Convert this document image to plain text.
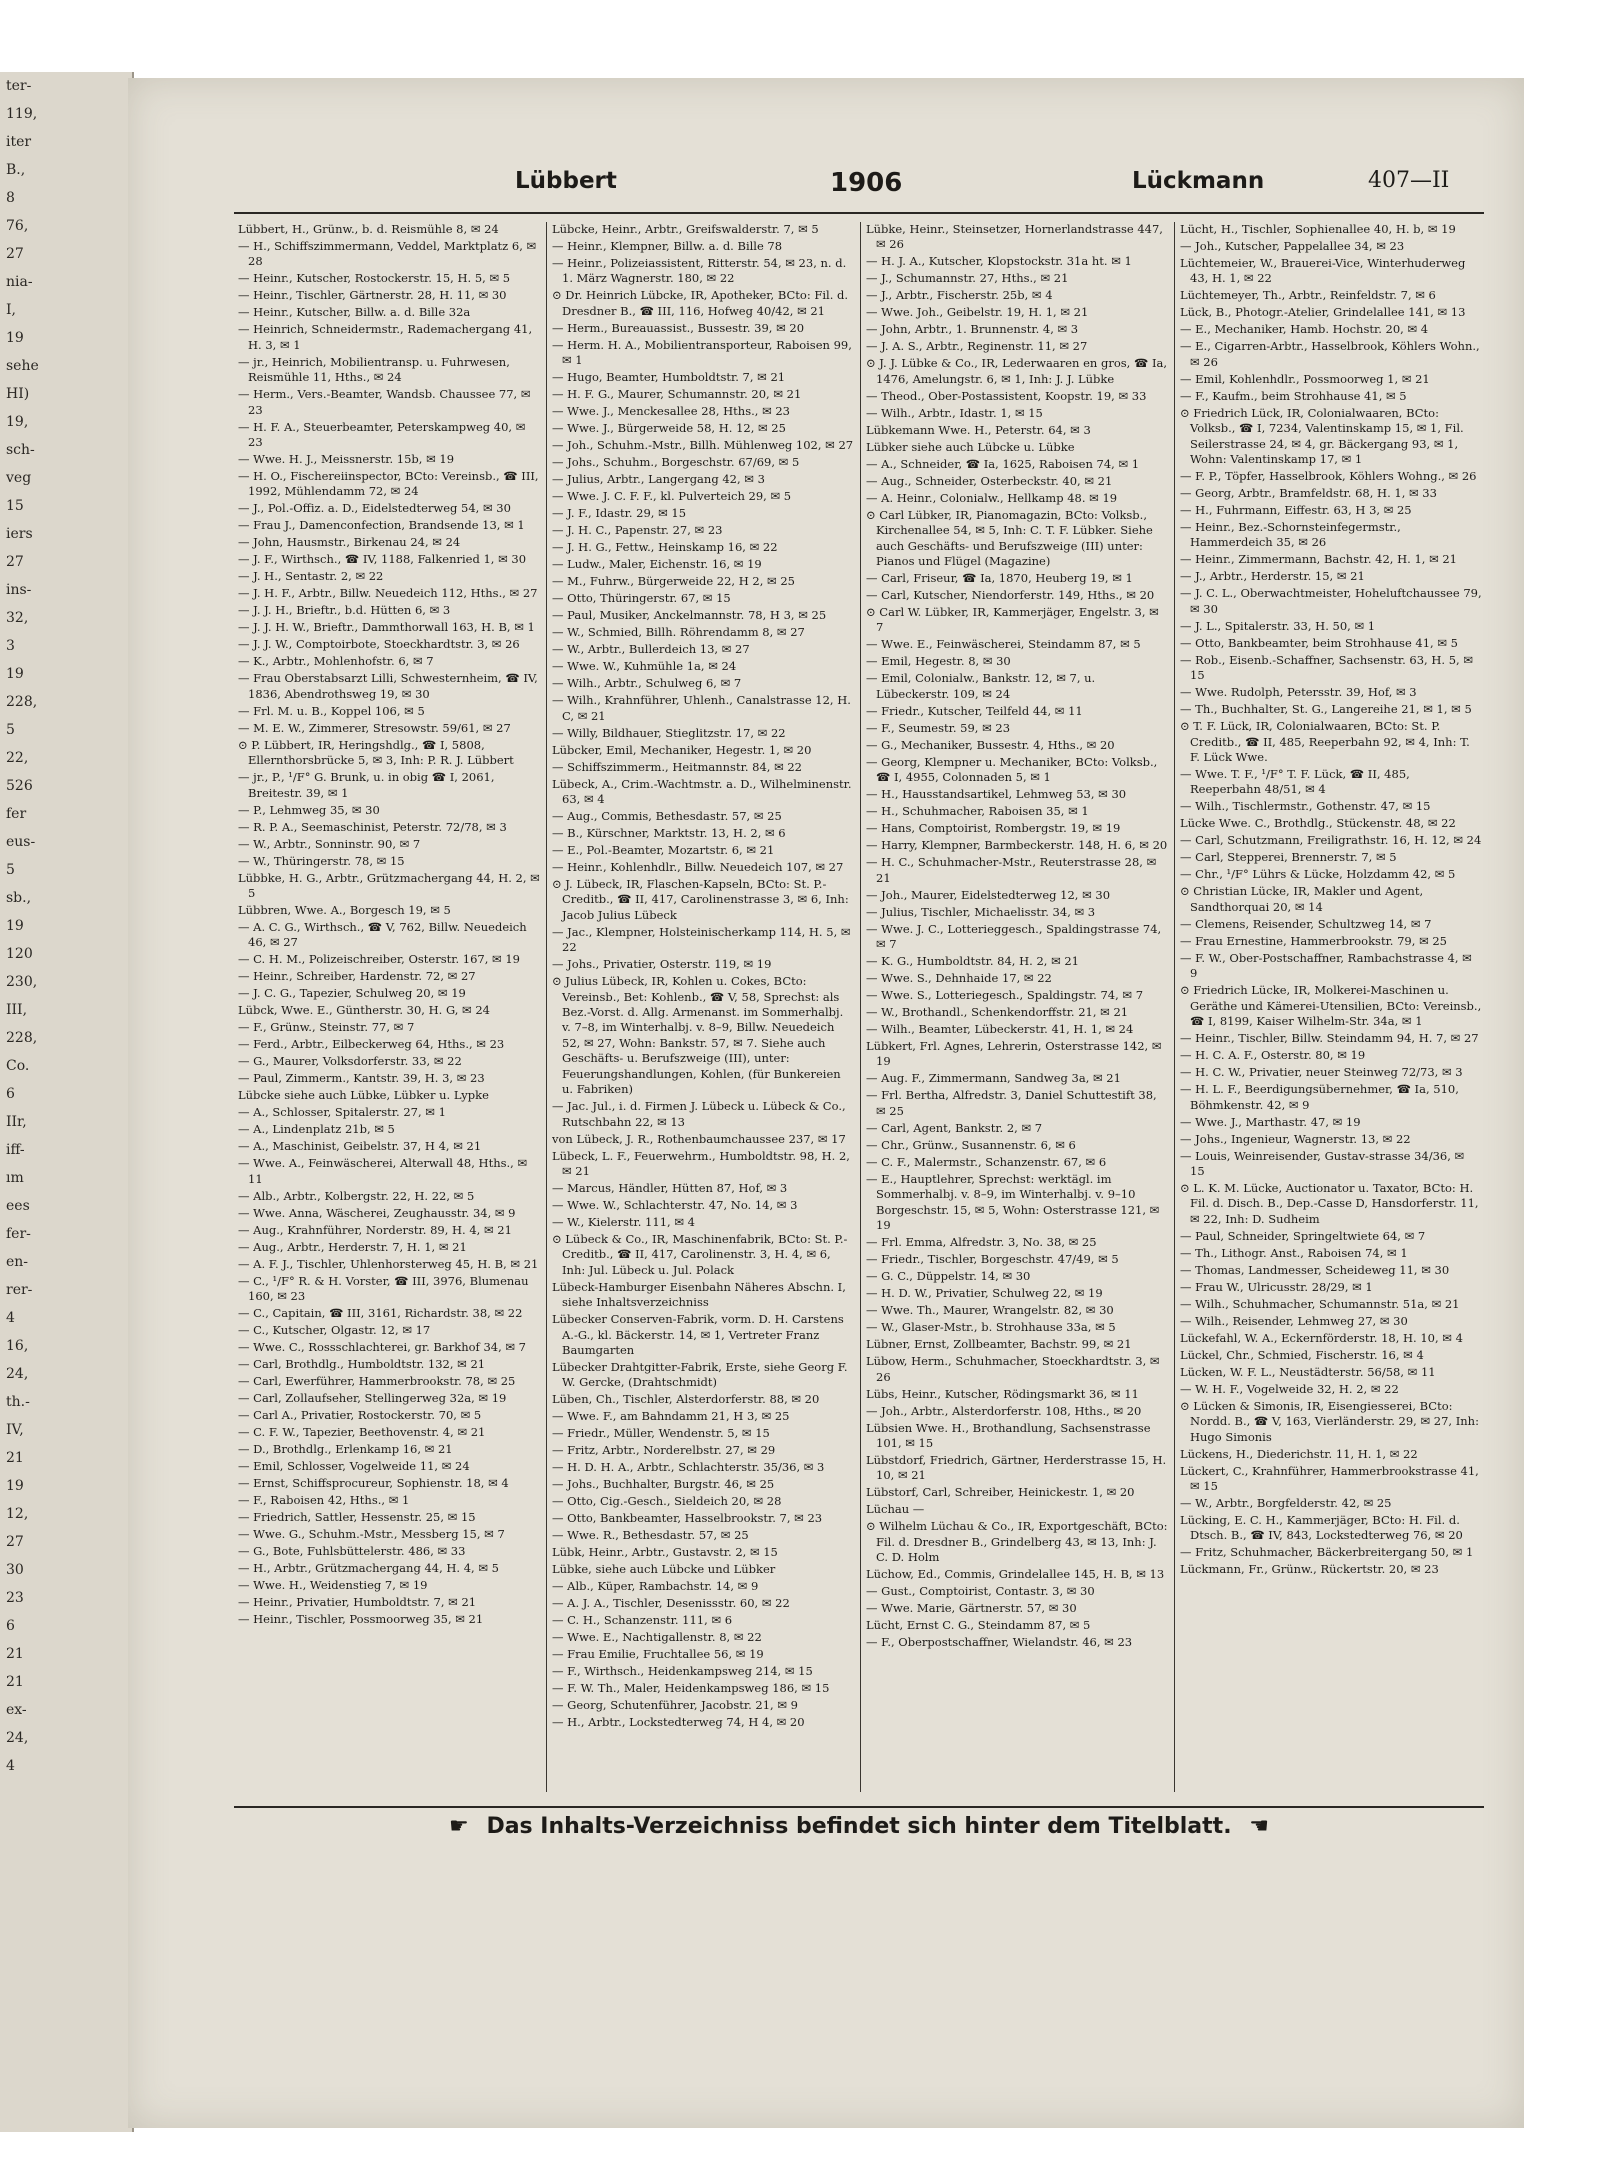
ter-
119,
iter
B.,
8
76,
27
nia-
I,
19
sehe
HI)
19,
sch-
veg
15
iers
27
ins-
32,
3
19
228,
5
22,
526
fer
eus-
5
sb.,
19
120
230,
III,
228,
Co.
6
IIr,
iff-
ım
ees
fer-
en-
rer-
4
16,
24,
th.-
IV,
21
19
12,
27
30
23
6
21
21
ex-
24,
4
Lübbert	1906	Lückmann	407—II
Lübbert, H., Grünw., b. d. Reismühle 8, ✉ 24
— H., Schiffszimmermann, Veddel, Marktplatz 6, ✉ 28
— Heinr., Kutscher, Rostockerstr. 15, H. 5, ✉ 5
— Heinr., Tischler, Gärtnerstr. 28, H. 11, ✉ 30
— Heinr., Kutscher, Billw. a. d. Bille 32a
— Heinrich, Schneidermstr., Rademachergang 41, H. 3, ✉ 1
— jr., Heinrich, Mobilientransp. u. Fuhrwesen, Reismühle 11, Hths., ✉ 24
— Herm., Vers.-Beamter, Wandsb. Chaussee 77, ✉ 23
— H. F. A., Steuerbeamter, Peterskampweg 40, ✉ 23
— Wwe. H. J., Meissnerstr. 15b, ✉ 19
— H. O., Fischereiinspector, BCto: Vereinsb., ☎ III, 1992, Mühlendamm 72, ✉ 24
— J., Pol.-Offiz. a. D., Eidelstedterweg 54, ✉ 30
— Frau J., Damenconfection, Brandsende 13, ✉ 1
— John, Hausmstr., Birkenau 24, ✉ 24
— J. F., Wirthsch., ☎ IV, 1188, Falkenried 1, ✉ 30
— J. H., Sentastr. 2, ✉ 22
— J. H. F., Arbtr., Billw. Neuedeich 112, Hths., ✉ 27
— J. J. H., Brieftr., b.d. Hütten 6, ✉ 3
— J. J. H. W., Brieftr., Dammthorwall 163, H. B, ✉ 1
— J. J. W., Comptoirbote, Stoeckhardtstr. 3, ✉ 26
— K., Arbtr., Mohlenhofstr. 6, ✉ 7
— Frau Oberstabsarzt Lilli, Schwesternheim, ☎ IV, 1836, Abendrothsweg 19, ✉ 30
— Frl. M. u. B., Koppel 106, ✉ 5
— M. E. W., Zimmerer, Stresowstr. 59/61, ✉ 27
⊙ P. Lübbert, IR, Heringshdlg., ☎ I, 5808, Ellernthorsbrücke 5, ✉ 3, Inh: P. R. J. Lübbert
— jr., P., ¹/F° G. Brunk, u. in obig ☎ I, 2061, Breitestr. 39, ✉ 1
— P., Lehmweg 35, ✉ 30
— R. P. A., Seemaschinist, Peterstr. 72/78, ✉ 3
— W., Arbtr., Sonninstr. 90, ✉ 7
— W., Thüringerstr. 78, ✉ 15
Lübbke, H. G., Arbtr., Grützmachergang 44, H. 2, ✉ 5
Lübbren, Wwe. A., Borgesch 19, ✉ 5
— A. C. G., Wirthsch., ☎ V, 762, Billw. Neuedeich 46, ✉ 27
— C. H. M., Polizeischreiber, Osterstr. 167, ✉ 19
— Heinr., Schreiber, Hardenstr. 72, ✉ 27
— J. C. G., Tapezier, Schulweg 20, ✉ 19
Lübck, Wwe. E., Güntherstr. 30, H. G, ✉ 24
— F., Grünw., Steinstr. 77, ✉ 7
— Ferd., Arbtr., Eilbeckerweg 64, Hths., ✉ 23
— G., Maurer, Volksdorferstr. 33, ✉ 22
— Paul, Zimmerm., Kantstr. 39, H. 3, ✉ 23
Lübcke siehe auch Lübke, Lübker u. Lypke
— A., Schlosser, Spitalerstr. 27, ✉ 1
— A., Lindenplatz 21b, ✉ 5
— A., Maschinist, Geibelstr. 37, H 4, ✉ 21
— Wwe. A., Feinwäscherei, Alterwall 48, Hths., ✉ 11
— Alb., Arbtr., Kolbergstr. 22, H. 22, ✉ 5
— Wwe. Anna, Wäscherei, Zeughausstr. 34, ✉ 9
— Aug., Krahnführer, Norderstr. 89, H. 4, ✉ 21
— Aug., Arbtr., Herderstr. 7, H. 1, ✉ 21
— A. F. J., Tischler, Uhlenhorsterweg 45, H. B, ✉ 21
— C., ¹/F° R. & H. Vorster, ☎ III, 3976, Blumenau 160, ✉ 23
— C., Capitain, ☎ III, 3161, Richardstr. 38, ✉ 22
— C., Kutscher, Olgastr. 12, ✉ 17
— Wwe. C., Rossschlachterei, gr. Barkhof 34, ✉ 7
— Carl, Brothdlg., Humboldtstr. 132, ✉ 21
— Carl, Ewerführer, Hammerbrookstr. 78, ✉ 25
— Carl, Zollaufseher, Stellingerweg 32a, ✉ 19
— Carl A., Privatier, Rostockerstr. 70, ✉ 5
— C. F. W., Tapezier, Beethovenstr. 4, ✉ 21
— D., Brothdlg., Erlenkamp 16, ✉ 21
— Emil, Schlosser, Vogelweide 11, ✉ 24
— Ernst, Schiffsprocureur, Sophienstr. 18, ✉ 4
— F., Raboisen 42, Hths., ✉ 1
— Friedrich, Sattler, Hessenstr. 25, ✉ 15
— Wwe. G., Schuhm.-Mstr., Messberg 15, ✉ 7
— G., Bote, Fuhlsbüttelerstr. 486, ✉ 33
— H., Arbtr., Grützmachergang 44, H. 4, ✉ 5
— Wwe. H., Weidenstieg 7, ✉ 19
— Heinr., Privatier, Humboldtstr. 7, ✉ 21
— Heinr., Tischler, Possmoorweg 35, ✉ 21
Lübcke, Heinr., Arbtr., Greifswalderstr. 7, ✉ 5
— Heinr., Klempner, Billw. a. d. Bille 78
— Heinr., Polizeiassistent, Ritterstr. 54, ✉ 23, n. d. 1. März Wagnerstr. 180, ✉ 22
⊙ Dr. Heinrich Lübcke, IR, Apotheker, BCto: Fil. d. Dresdner B., ☎ III, 116, Hofweg 40/42, ✉ 21
— Herm., Bureauassist., Bussestr. 39, ✉ 20
— Herm. H. A., Mobilientransporteur, Raboisen 99, ✉ 1
— Hugo, Beamter, Humboldtstr. 7, ✉ 21
— H. F. G., Maurer, Schumannstr. 20, ✉ 21
— Wwe. J., Menckesallee 28, Hths., ✉ 23
— Wwe. J., Bürgerweide 58, H. 12, ✉ 25
— Joh., Schuhm.-Mstr., Billh. Mühlenweg 102, ✉ 27
— Johs., Schuhm., Borgeschstr. 67/69, ✉ 5
— Julius, Arbtr., Langergang 42, ✉ 3
— Wwe. J. C. F. F., kl. Pulverteich 29, ✉ 5
— J. F., Idastr. 29, ✉ 15
— J. H. C., Papenstr. 27, ✉ 23
— J. H. G., Fettw., Heinskamp 16, ✉ 22
— Ludw., Maler, Eichenstr. 16, ✉ 19
— M., Fuhrw., Bürgerweide 22, H 2, ✉ 25
— Otto, Thüringerstr. 67, ✉ 15
— Paul, Musiker, Anckelmannstr. 78, H 3, ✉ 25
— W., Schmied, Billh. Röhrendamm 8, ✉ 27
— W., Arbtr., Bullerdeich 13, ✉ 27
— Wwe. W., Kuhmühle 1a, ✉ 24
— Wilh., Arbtr., Schulweg 6, ✉ 7
— Wilh., Krahnführer, Uhlenh., Canalstrasse 12, H. C, ✉ 21
— Willy, Bildhauer, Stieglitzstr. 17, ✉ 22
Lübcker, Emil, Mechaniker, Hegestr. 1, ✉ 20
— Schiffszimmerm., Heitmannstr. 84, ✉ 22
Lübeck, A., Crim.-Wachtmstr. a. D., Wilhelminenstr. 63, ✉ 4
— Aug., Commis, Bethesdastr. 57, ✉ 25
— B., Kürschner, Marktstr. 13, H. 2, ✉ 6
— E., Pol.-Beamter, Mozartstr. 6, ✉ 21
— Heinr., Kohlenhdlr., Billw. Neuedeich 107, ✉ 27
⊙ J. Lübeck, IR, Flaschen-Kapseln, BCto: St. P.-Creditb., ☎ II, 417, Carolinenstrasse 3, ✉ 6, Inh: Jacob Julius Lübeck
— Jac., Klempner, Holsteinischerkamp 114, H. 5, ✉ 22
— Johs., Privatier, Osterstr. 119, ✉ 19
⊙ Julius Lübeck, IR, Kohlen u. Cokes, BCto: Vereinsb., Bet: Kohlenb., ☎ V, 58, Sprechst: als Bez.-Vorst. d. Allg. Armenanst. im Sommerhalbj. v. 7–8, im Winterhalbj. v. 8–9, Billw. Neuedeich 52, ✉ 27, Wohn: Bankstr. 57, ✉ 7. Siehe auch Geschäfts- u. Berufszweige (III), unter: Feuerungshandlungen, Kohlen, (für Bunkereien u. Fabriken)
— Jac. Jul., i. d. Firmen J. Lübeck u. Lübeck & Co., Rutschbahn 22, ✉ 13
von Lübeck, J. R., Rothenbaumchaussee 237, ✉ 17
Lübeck, L. F., Feuerwehrm., Humboldtstr. 98, H. 2, ✉ 21
— Marcus, Händler, Hütten 87, Hof, ✉ 3
— Wwe. W., Schlachterstr. 47, No. 14, ✉ 3
— W., Kielerstr. 111, ✉ 4
⊙ Lübeck & Co., IR, Maschinenfabrik, BCto: St. P.-Creditb., ☎ II, 417, Carolinenstr. 3, H. 4, ✉ 6, Inh: Jul. Lübeck u. Jul. Polack
Lübeck-Hamburger Eisenbahn Näheres Abschn. I, siehe Inhaltsverzeichniss
Lübecker Conserven-Fabrik, vorm. D. H. Carstens A.-G., kl. Bäckerstr. 14, ✉ 1, Vertreter Franz Baumgarten
Lübecker Drahtgitter-Fabrik, Erste, siehe Georg F. W. Gercke, (Drahtschmidt)
Lüben, Ch., Tischler, Alsterdorferstr. 88, ✉ 20
— Wwe. F., am Bahndamm 21, H 3, ✉ 25
— Friedr., Müller, Wendenstr. 5, ✉ 15
— Fritz, Arbtr., Norderelbstr. 27, ✉ 29
— H. D. H. A., Arbtr., Schlachterstr. 35/36, ✉ 3
— Johs., Buchhalter, Burgstr. 46, ✉ 25
— Otto, Cig.-Gesch., Sieldeich 20, ✉ 28
— Otto, Bankbeamter, Hasselbrookstr. 7, ✉ 23
— Wwe. R., Bethesdastr. 57, ✉ 25
Lübk, Heinr., Arbtr., Gustavstr. 2, ✉ 15
Lübke, siehe auch Lübcke und Lübker
— Alb., Küper, Rambachstr. 14, ✉ 9
— A. J. A., Tischler, Desenissstr. 60, ✉ 22
— C. H., Schanzenstr. 111, ✉ 6
— Wwe. E., Nachtigallenstr. 8, ✉ 22
— Frau Emilie, Fruchtallee 56, ✉ 19
— F., Wirthsch., Heidenkampsweg 214, ✉ 15
— F. W. Th., Maler, Heidenkampsweg 186, ✉ 15
— Georg, Schutenführer, Jacobstr. 21, ✉ 9
— H., Arbtr., Lockstedterweg 74, H 4, ✉ 20
Lübke, Heinr., Steinsetzer, Hornerlandstrasse 447, ✉ 26
— H. J. A., Kutscher, Klopstockstr. 31a ht. ✉ 1
— J., Schumannstr. 27, Hths., ✉ 21
— J., Arbtr., Fischerstr. 25b, ✉ 4
— Wwe. Joh., Geibelstr. 19, H. 1, ✉ 21
— John, Arbtr., 1. Brunnenstr. 4, ✉ 3
— J. A. S., Arbtr., Reginenstr. 11, ✉ 27
⊙ J. J. Lübke & Co., IR, Lederwaaren en gros, ☎ Ia, 1476, Amelungstr. 6, ✉ 1, Inh: J. J. Lübke
— Theod., Ober-Postassistent, Koopstr. 19, ✉ 33
— Wilh., Arbtr., Idastr. 1, ✉ 15
Lübkemann Wwe. H., Peterstr. 64, ✉ 3
Lübker siehe auch Lübcke u. Lübke
— A., Schneider, ☎ Ia, 1625, Raboisen 74, ✉ 1
— Aug., Schneider, Osterbeckstr. 40, ✉ 21
— A. Heinr., Colonialw., Hellkamp 48. ✉ 19
⊙ Carl Lübker, IR, Pianomagazin, BCto: Volksb., Kirchenallee 54, ✉ 5, Inh: C. T. F. Lübker. Siehe auch Geschäfts- und Berufszweige (III) unter: Pianos und Flügel (Magazine)
— Carl, Friseur, ☎ Ia, 1870, Heuberg 19, ✉ 1
— Carl, Kutscher, Niendorferstr. 149, Hths., ✉ 20
⊙ Carl W. Lübker, IR, Kammerjäger, Engelstr. 3, ✉ 7
— Wwe. E., Feinwäscherei, Steindamm 87, ✉ 5
— Emil, Hegestr. 8, ✉ 30
— Emil, Colonialw., Bankstr. 12, ✉ 7, u. Lübeckerstr. 109, ✉ 24
— Friedr., Kutscher, Teilfeld 44, ✉ 11
— F., Seumestr. 59, ✉ 23
— G., Mechaniker, Bussestr. 4, Hths., ✉ 20
— Georg, Klempner u. Mechaniker, BCto: Volksb., ☎ I, 4955, Colonnaden 5, ✉ 1
— H., Hausstandsartikel, Lehmweg 53, ✉ 30
— H., Schuhmacher, Raboisen 35, ✉ 1
— Hans, Comptoirist, Rombergstr. 19, ✉ 19
— Harry, Klempner, Barmbeckerstr. 148, H. 6, ✉ 20
— H. C., Schuhmacher-Mstr., Reuterstrasse 28, ✉ 21
— Joh., Maurer, Eidelstedterweg 12, ✉ 30
— Julius, Tischler, Michaelisstr. 34, ✉ 3
— Wwe. J. C., Lotterieggesch., Spaldingstrasse 74, ✉ 7
— K. G., Humboldtstr. 84, H. 2, ✉ 21
— Wwe. S., Dehnhaide 17, ✉ 22
— Wwe. S., Lotteriegesch., Spaldingstr. 74, ✉ 7
— W., Brothandl., Schenkendorffstr. 21, ✉ 21
— Wilh., Beamter, Lübeckerstr. 41, H. 1, ✉ 24
Lübkert, Frl. Agnes, Lehrerin, Osterstrasse 142, ✉ 19
— Aug. F., Zimmermann, Sandweg 3a, ✉ 21
— Frl. Bertha, Alfredstr. 3, Daniel Schuttestift 38, ✉ 25
— Carl, Agent, Bankstr. 2, ✉ 7
— Chr., Grünw., Susannenstr. 6, ✉ 6
— C. F., Malermstr., Schanzenstr. 67, ✉ 6
— E., Hauptlehrer, Sprechst: werktägl. im Sommerhalbj. v. 8–9, im Winterhalbj. v. 9–10 Borgeschstr. 15, ✉ 5, Wohn: Osterstrasse 121, ✉ 19
— Frl. Emma, Alfredstr. 3, No. 38, ✉ 25
— Friedr., Tischler, Borgeschstr. 47/49, ✉ 5
— G. C., Düppelstr. 14, ✉ 30
— H. D. W., Privatier, Schulweg 22, ✉ 19
— Wwe. Th., Maurer, Wrangelstr. 82, ✉ 30
— W., Glaser-Mstr., b. Strohhause 33a, ✉ 5
Lübner, Ernst, Zollbeamter, Bachstr. 99, ✉ 21
Lübow, Herm., Schuhmacher, Stoeckhardtstr. 3, ✉ 26
Lübs, Heinr., Kutscher, Rödingsmarkt 36, ✉ 11
— Joh., Arbtr., Alsterdorferstr. 108, Hths., ✉ 20
Lübsien Wwe. H., Brothandlung, Sachsenstrasse 101, ✉ 15
Lübstdorf, Friedrich, Gärtner, Herderstrasse 15, H. 10, ✉ 21
Lübstorf, Carl, Schreiber, Heinickestr. 1, ✉ 20
Lüchau —
⊙ Wilhelm Lüchau & Co., IR, Exportgeschäft, BCto: Fil. d. Dresdner B., Grindelberg 43, ✉ 13, Inh: J. C. D. Holm
Lüchow, Ed., Commis, Grindelallee 145, H. B, ✉ 13
— Gust., Comptoirist, Contastr. 3, ✉ 30
— Wwe. Marie, Gärtnerstr. 57, ✉ 30
Lücht, Ernst C. G., Steindamm 87, ✉ 5
— F., Oberpostschaffner, Wielandstr. 46, ✉ 23
Lücht, H., Tischler, Sophienallee 40, H. b, ✉ 19
— Joh., Kutscher, Pappelallee 34, ✉ 23
Lüchtemeier, W., Brauerei-Vice, Winterhuderweg 43, H. 1, ✉ 22
Lüchtemeyer, Th., Arbtr., Reinfeldstr. 7, ✉ 6
Lück, B., Photogr.-Atelier, Grindelallee 141, ✉ 13
— E., Mechaniker, Hamb. Hochstr. 20, ✉ 4
— E., Cigarren-Arbtr., Hasselbrook, Köhlers Wohn., ✉ 26
— Emil, Kohlenhdlr., Possmoorweg 1, ✉ 21
— F., Kaufm., beim Strohhause 41, ✉ 5
⊙ Friedrich Lück, IR, Colonialwaaren, BCto: Volksb., ☎ I, 7234, Valentinskamp 15, ✉ 1, Fil. Seilerstrasse 24, ✉ 4, gr. Bäckergang 93, ✉ 1, Wohn: Valentinskamp 17, ✉ 1
— F. P., Töpfer, Hasselbrook, Köhlers Wohng., ✉ 26
— Georg, Arbtr., Bramfeldstr. 68, H. 1, ✉ 33
— H., Fuhrmann, Eiffestr. 63, H 3, ✉ 25
— Heinr., Bez.-Schornsteinfegermstr., Hammerdeich 35, ✉ 26
— Heinr., Zimmermann, Bachstr. 42, H. 1, ✉ 21
— J., Arbtr., Herderstr. 15, ✉ 21
— J. C. L., Oberwachtmeister, Hoheluftchaussee 79, ✉ 30
— J. L., Spitalerstr. 33, H. 50, ✉ 1
— Otto, Bankbeamter, beim Strohhause 41, ✉ 5
— Rob., Eisenb.-Schaffner, Sachsenstr. 63, H. 5, ✉ 15
— Wwe. Rudolph, Petersstr. 39, Hof, ✉ 3
— Th., Buchhalter, St. G., Langereihe 21, ✉ 1, ✉ 5
⊙ T. F. Lück, IR, Colonialwaaren, BCto: St. P. Creditb., ☎ II, 485, Reeperbahn 92, ✉ 4, Inh: T. F. Lück Wwe.
— Wwe. T. F., ¹/F° T. F. Lück, ☎ II, 485, Reeperbahn 48/51, ✉ 4
— Wilh., Tischlermstr., Gothenstr. 47, ✉ 15
Lücke Wwe. C., Brothdlg., Stückenstr. 48, ✉ 22
— Carl, Schutzmann, Freiligrathstr. 16, H. 12, ✉ 24
— Carl, Stepperei, Brennerstr. 7, ✉ 5
— Chr., ¹/F° Lührs & Lücke, Holzdamm 42, ✉ 5
⊙ Christian Lücke, IR, Makler und Agent, Sandthorquai 20, ✉ 14
— Clemens, Reisender, Schultzweg 14, ✉ 7
— Frau Ernestine, Hammerbrookstr. 79, ✉ 25
— F. W., Ober-Postschaffner, Rambachstrasse 4, ✉ 9
⊙ Friedrich Lücke, IR, Molkerei-Maschinen u. Geräthe und Kämerei-Utensilien, BCto: Vereinsb., ☎ I, 8199, Kaiser Wilhelm-Str. 34a, ✉ 1
— Heinr., Tischler, Billw. Steindamm 94, H. 7, ✉ 27
— H. C. A. F., Osterstr. 80, ✉ 19
— H. C. W., Privatier, neuer Steinweg 72/73, ✉ 3
— H. L. F., Beerdigungsübernehmer, ☎ Ia, 510, Böhmkenstr. 42, ✉ 9
— Wwe. J., Marthastr. 47, ✉ 19
— Johs., Ingenieur, Wagnerstr. 13, ✉ 22
— Louis, Weinreisender, Gustav-strasse 34/36, ✉ 15
⊙ L. K. M. Lücke, Auctionator u. Taxator, BCto: H. Fil. d. Disch. B., Dep.-Casse D, Hansdorferstr. 11, ✉ 22, Inh: D. Sudheim
— Paul, Schneider, Springeltwiete 64, ✉ 7
— Th., Lithogr. Anst., Raboisen 74, ✉ 1
— Thomas, Landmesser, Scheideweg 11, ✉ 30
— Frau W., Ulricusstr. 28/29, ✉ 1
— Wilh., Schuhmacher, Schumannstr. 51a, ✉ 21
— Wilh., Reisender, Lehmweg 27, ✉ 30
Lückefahl, W. A., Eckernförderstr. 18, H. 10, ✉ 4
Lückel, Chr., Schmied, Fischerstr. 16, ✉ 4
Lücken, W. F. L., Neustädterstr. 56/58, ✉ 11
— W. H. F., Vogelweide 32, H. 2, ✉ 22
⊙ Lücken & Simonis, IR, Eisengiesserei, BCto: Nordd. B., ☎ V, 163, Vierländerstr. 29, ✉ 27, Inh: Hugo Simonis
Lückens, H., Diederichstr. 11, H. 1, ✉ 22
Lückert, C., Krahnführer, Hammerbrookstrasse 41, ✉ 15
— W., Arbtr., Borgfelderstr. 42, ✉ 25
Lücking, E. C. H., Kammerjäger, BCto: H. Fil. d. Dtsch. B., ☎ IV, 843, Lockstedterweg 76, ✉ 20
— Fritz, Schuhmacher, Bäckerbreitergang 50, ✉ 1
Lückmann, Fr., Grünw., Rückertstr. 20, ✉ 23
☛ Das Inhalts-Verzeichniss befindet sich hinter dem Titelblatt. ☚
